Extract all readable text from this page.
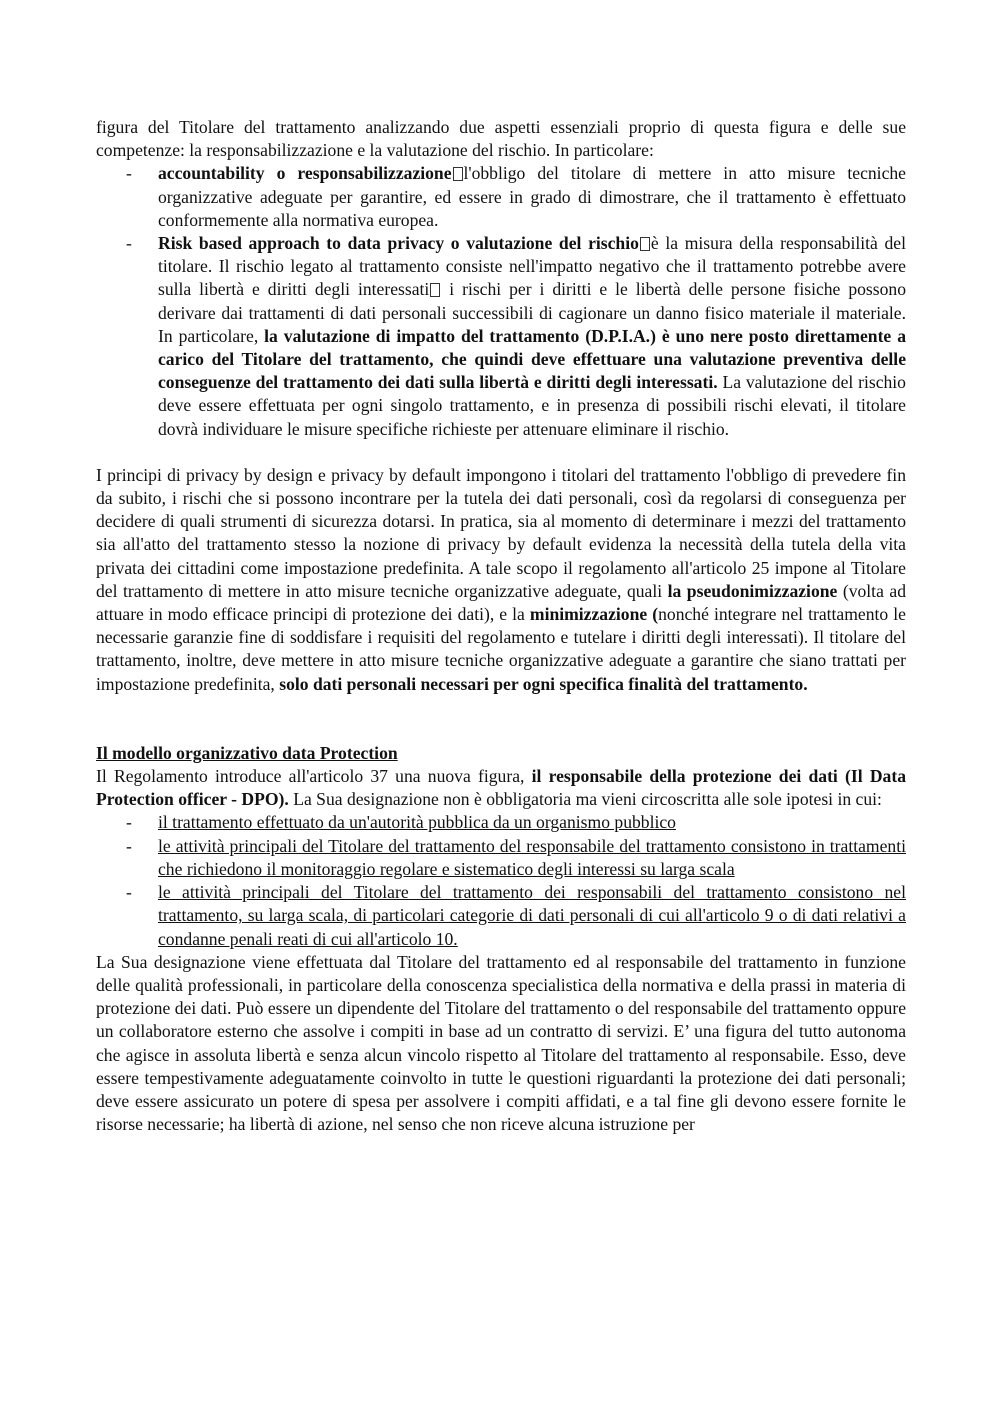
figura del Titolare del trattamento analizzando due aspetti essenziali proprio di questa figura e delle sue competenze: la responsabilizzazione e la valutazione del rischio. In particolare:

- accountability o responsabilizzazione l'obbligo del titolare di mettere in atto misure tecniche organizzative adeguate per garantire, ed essere in grado di dimostrare, che il trattamento è effettuato conformemente alla normativa europea.
- Risk based approach to data privacy o valutazione del rischio è la misura della responsabilità del titolare. Il rischio legato al trattamento consiste nell'impatto negativo che il trattamento potrebbe avere sulla libertà e diritti degli interessati i rischi per i diritti e le libertà delle persone fisiche possono derivare dai trattamenti di dati personali successibili di cagionare un danno fisico materiale il materiale. In particolare, la valutazione di impatto del trattamento (D.P.I.A.) è uno nere posto direttamente a carico del Titolare del trattamento, che quindi deve effettuare una valutazione preventiva delle conseguenze del trattamento dei dati sulla libertà e diritti degli interessati. La valutazione del rischio deve essere effettuata per ogni singolo trattamento, e in presenza di possibili rischi elevati, il titolare dovrà individuare le misure specifiche richieste per attenuare eliminare il rischio.

I principi di privacy by design e privacy by default impongono i titolari del trattamento l'obbligo di prevedere fin da subito, i rischi che si possono incontrare per la tutela dei dati personali, così da regolarsi di conseguenza per decidere di quali strumenti di sicurezza dotarsi. In pratica, sia al momento di determinare i mezzi del trattamento sia all'atto del trattamento stesso la nozione di privacy by default evidenza la necessità della tutela della vita privata dei cittadini come impostazione predefinita. A tale scopo il regolamento all'articolo 25 impone al Titolare del trattamento di mettere in atto misure tecniche organizzative adeguate, quali la pseudonimizzazione (volta ad attuare in modo efficace principi di protezione dei dati), e la minimizzazione (nonché integrare nel trattamento le necessarie garanzie fine di soddisfare i requisiti del regolamento e tutelare i diritti degli interessati). Il titolare del trattamento, inoltre, deve mettere in atto misure tecniche organizzative adeguate a garantire che siano trattati per impostazione predefinita, solo dati personali necessari per ogni specifica finalità del trattamento.

Il modello organizzativo data Protection

Il Regolamento introduce all'articolo 37 una nuova figura, il responsabile della protezione dei dati (Il Data Protection officer - DPO). La Sua designazione non è obbligatoria ma vieni circoscritta alle sole ipotesi in cui:

- il trattamento effettuato da un'autorità pubblica da un organismo pubblico
- le attività principali del Titolare del trattamento del responsabile del trattamento consistono in trattamenti che richiedono il monitoraggio regolare e sistematico degli interessi su larga scala
- le attività principali del Titolare del trattamento dei responsabili del trattamento consistono nel trattamento, su larga scala, di particolari categorie di dati personali di cui all'articolo 9 o di dati relativi a condanne penali reati di cui all'articolo 10.

La Sua designazione viene effettuata dal Titolare del trattamento ed al responsabile del trattamento in funzione delle qualità professionali, in particolare della conoscenza specialistica della normativa e della prassi in materia di protezione dei dati. Può essere un dipendente del Titolare del trattamento o del responsabile del trattamento oppure un collaboratore esterno che assolve i compiti in base ad un contratto di servizi. E’ una figura del tutto autonoma che agisce in assoluta libertà e senza alcun vincolo rispetto al Titolare del trattamento al responsabile. Esso, deve essere tempestivamente adeguatamente coinvolto in tutte le questioni riguardanti la protezione dei dati personali; deve essere assicurato un potere di spesa per assolvere i compiti affidati, e a tal fine gli devono essere fornite le risorse necessarie; ha libertà di azione, nel senso che non riceve alcuna istruzione per
